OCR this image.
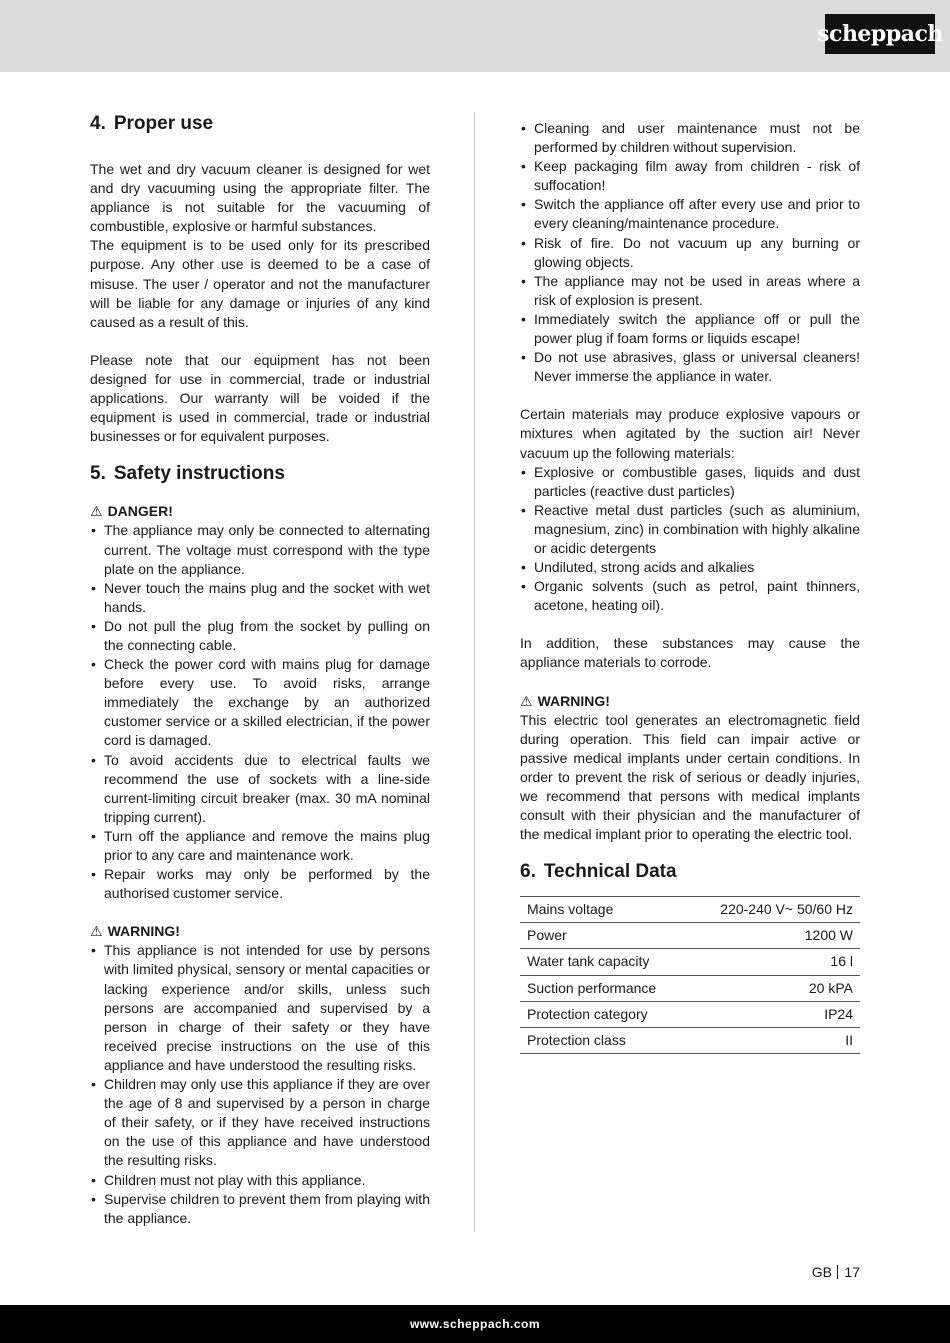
scheppach
4. Proper use

The wet and dry vacuum cleaner is designed for wet and dry vacuuming using the appropriate filter. The appliance is not suitable for the vacuuming of combustible, explosive or harmful substances.

The equipment is to be used only for its prescribed purpose. Any other use is deemed to be a case of misuse. The user / operator and not the manufacturer will be liable for any damage or injuries of any kind caused as a result of this.

Please note that our equipment has not been designed for use in commercial, trade or industrial applications. Our warranty will be voided if the equipment is used in commercial, trade or industrial businesses or for equivalent purposes.

5. Safety instructions
⚠ DANGER!
• The appliance may only be connected to alternating current. The voltage must correspond with the type plate on the appliance.
• Never touch the mains plug and the socket with wet hands.
• Do not pull the plug from the socket by pulling on the connecting cable.
• Check the power cord with mains plug for damage before every use. To avoid risks, arrange immediately the exchange by an authorized customer service or a skilled electrician, if the power cord is damaged.
• To avoid accidents due to electrical faults we recommend the use of sockets with a line-side current-limiting circuit breaker (max. 30 mA nominal tripping current).
• Turn off the appliance and remove the mains plug prior to any care and maintenance work.
• Repair works may only be performed by the authorised customer service.
⚠ WARNING!
• This appliance is not intended for use by persons with limited physical, sensory or mental capacities or lacking experience and/or skills, unless such persons are accompanied and supervised by a person in charge of their safety or they have received precise instructions on the use of this appliance and have understood the resulting risks.
• Children may only use this appliance if they are over the age of 8 and supervised by a person in charge of their safety, or if they have received instructions on the use of this appliance and have understood the resulting risks.
• Children must not play with this appliance.
• Supervise children to prevent them from playing with the appliance.
• Cleaning and user maintenance must not be performed by children without supervision.
• Keep packaging film away from children - risk of suffocation!
• Switch the appliance off after every use and prior to every cleaning/maintenance procedure.
• Risk of fire. Do not vacuum up any burning or glowing objects.
• The appliance may not be used in areas where a risk of explosion is present.
• Immediately switch the appliance off or pull the power plug if foam forms or liquids escape!
• Do not use abrasives, glass or universal cleaners! Never immerse the appliance in water.

Certain materials may produce explosive vapours or mixtures when agitated by the suction air! Never vacuum up the following materials:

• Explosive or combustible gases, liquids and dust particles (reactive dust particles)
• Reactive metal dust particles (such as aluminium, magnesium, zinc) in combination with highly alkaline or acidic detergents
• Undiluted, strong acids and alkalies
• Organic solvents (such as petrol, paint thinners, acetone, heating oil).

In addition, these substances may cause the appliance materials to corrode.

⚠ WARNING!

This electric tool generates an electromagnetic field during operation. This field can impair active or passive medical implants under certain conditions. In order to prevent the risk of serious or deadly injuries, we recommend that persons with medical implants consult with their physician and the manufacturer of the medical implant prior to operating the electric tool.

6. Technical Data
Mains voltage	220-240 V~ 50/60 Hz
Power	1200 W
Water tank capacity	16 l
Suction performance	20 kPA
Protection category	IP24
Protection class	II
GB 17
www.scheppach.com
